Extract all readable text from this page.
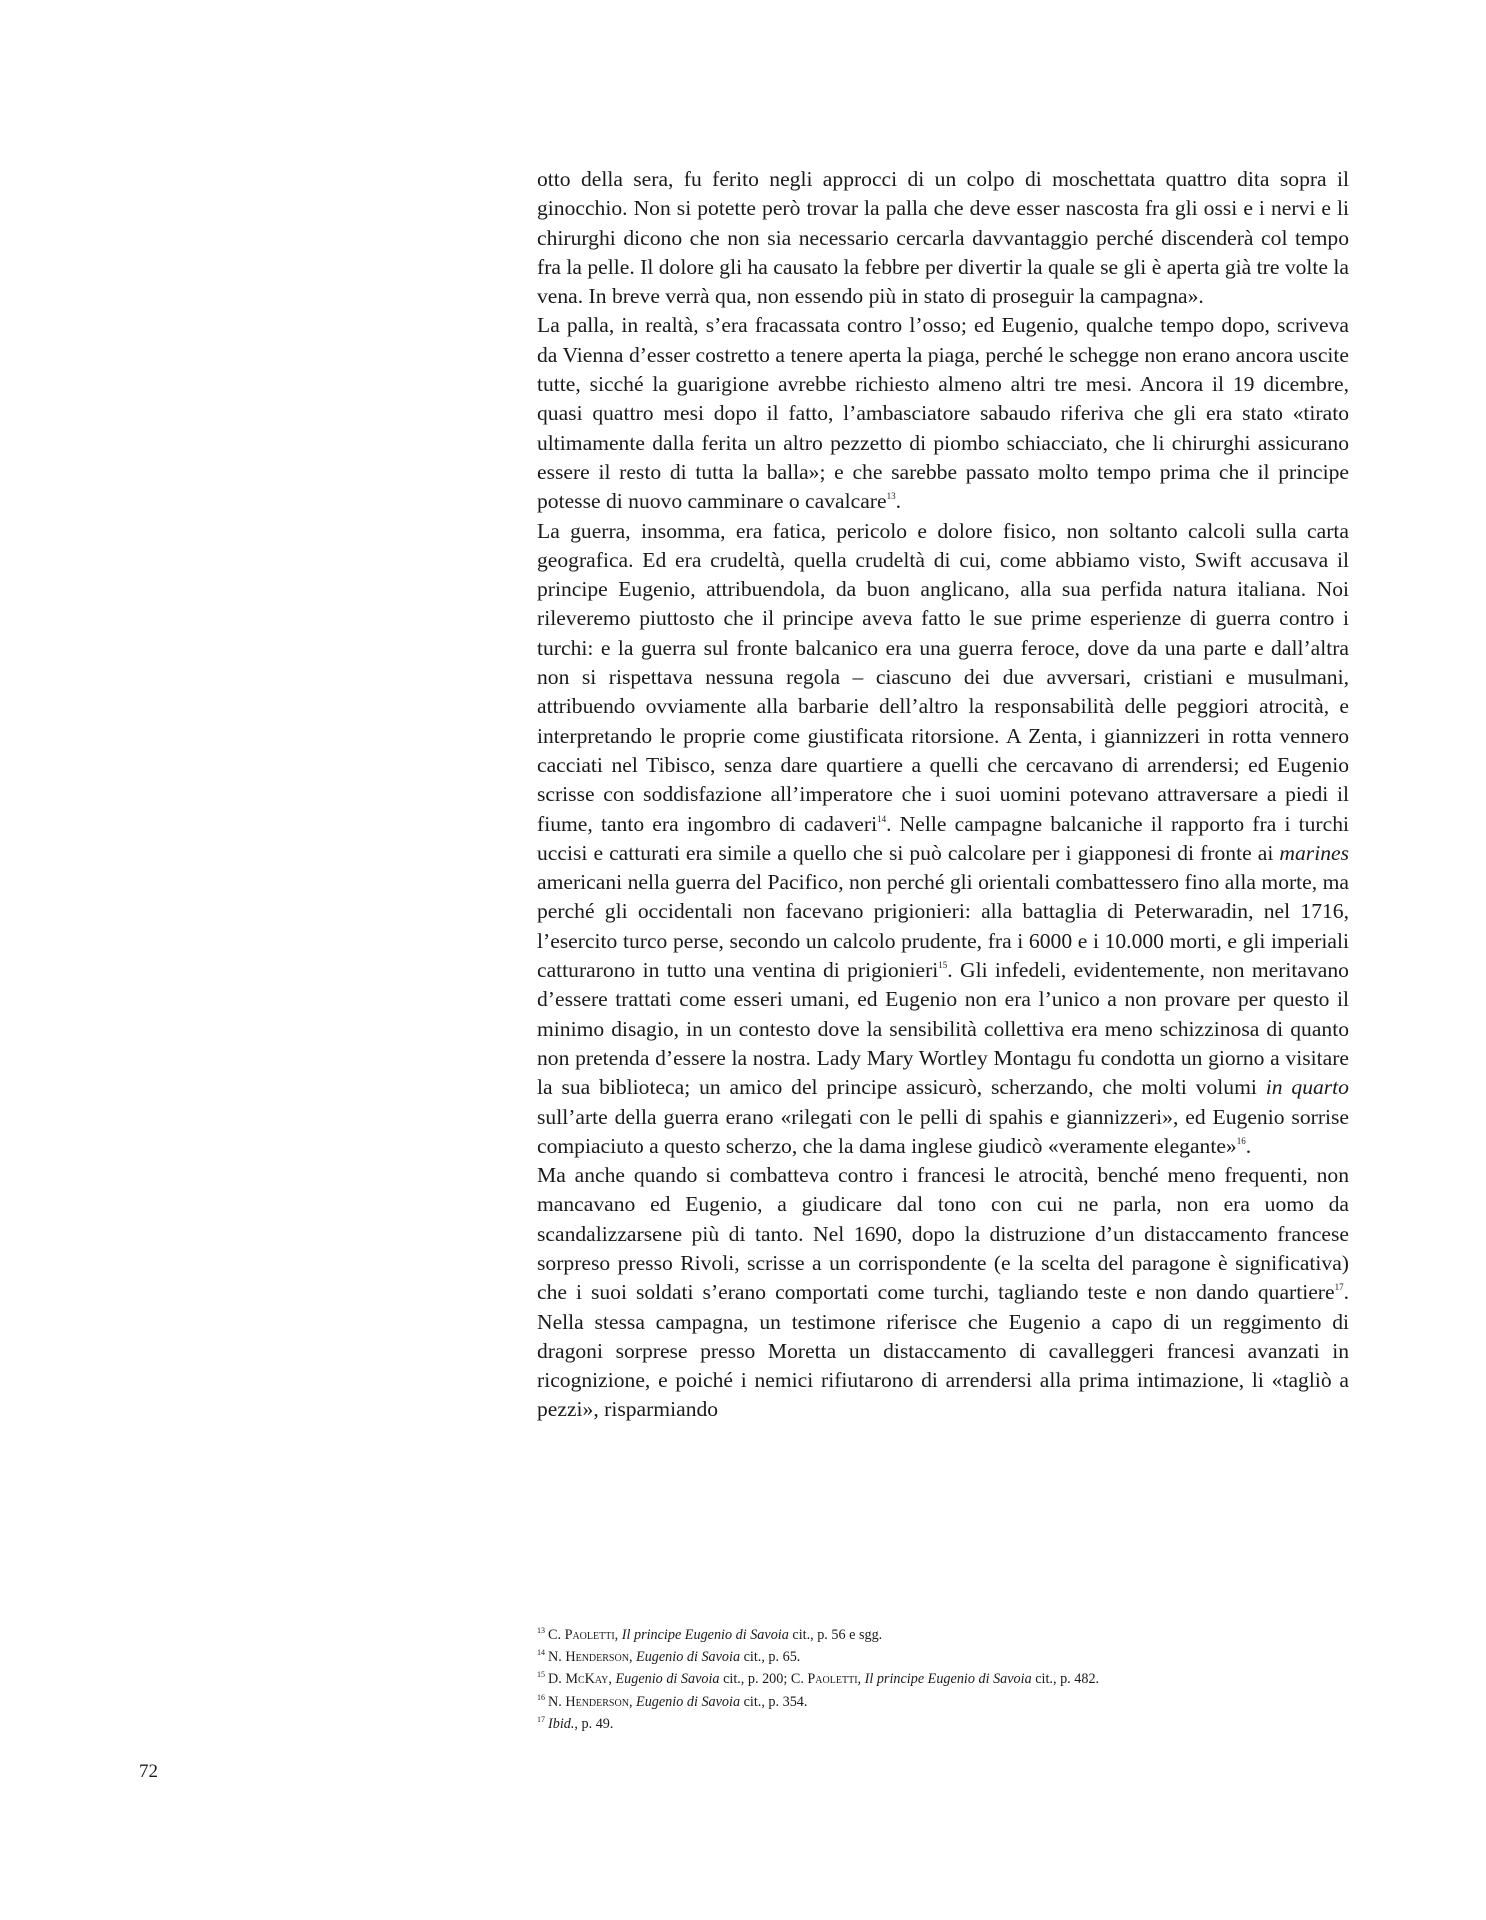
otto della sera, fu ferito negli approcci di un colpo di moschettata quattro dita sopra il ginocchio. Non si potette però trovar la palla che deve esser nascosta fra gli ossi e i nervi e li chirurghi dicono che non sia necessario cercarla davvantaggio perché discenderà col tempo fra la pelle. Il dolore gli ha causato la febbre per divertir la quale se gli è aperta già tre volte la vena. In breve verrà qua, non essendo più in stato di proseguir la campagna».

La palla, in realtà, s’era fracassata contro l’osso; ed Eugenio, qualche tempo dopo, scriveva da Vienna d’esser costretto a tenere aperta la piaga, perché le schegge non erano ancora uscite tutte, sicché la guarigione avrebbe richiesto almeno altri tre mesi. Ancora il 19 dicembre, quasi quattro mesi dopo il fatto, l’ambasciatore sabaudo riferiva che gli era stato «tirato ultimamente dalla ferita un altro pezzetto di piombo schiacciato, che li chirurghi assicurano essere il resto di tutta la balla»; e che sarebbe passato molto tempo prima che il principe potesse di nuovo camminare o cavalcare$^{13}$.

La guerra, insomma, era fatica, pericolo e dolore fisico, non soltanto calcoli sulla carta geografica. Ed era crudeltà, quella crudeltà di cui, come abbiamo visto, Swift accusava il principe Eugenio, attribuendola, da buon anglicano, alla sua perfida natura italiana. Noi rileveremo piuttosto che il principe aveva fatto le sue prime esperienze di guerra contro i turchi: e la guerra sul fronte balcanico era una guerra feroce, dove da una parte e dall’altra non si rispettava nessuna regola – ciascuno dei due avversari, cristiani e musulmani, attribuendo ovviamente alla barbarie dell’altro la responsabilità delle peggiori atrocità, e interpretando le proprie come giustificata ritorsione. A Zenta, i giannizzeri in rotta vennero cacciati nel Tibisco, senza dare quartiere a quelli che cercavano di arrendersi; ed Eugenio scrisse con soddisfazione all’imperatore che i suoi uomini potevano attraversare a piedi il fiume, tanto era ingombro di cadaveri$^{14}$. Nelle campagne balcaniche il rapporto fra i turchi uccisi e catturati era simile a quello che si può calcolare per i giapponesi di fronte ai marines americani nella guerra del Pacifico, non perché gli orientali combattessero fino alla morte, ma perché gli occidentali non facevano prigionieri: alla battaglia di Peterwaradin, nel 1716, l’esercito turco perse, secondo un calcolo prudente, fra i 6000 e i 10.000 morti, e gli imperiali catturarono in tutto una ventina di prigionieri$^{15}$. Gli infedeli, evidentemente, non meritavano d’essere trattati come esseri umani, ed Eugenio non era l’unico a non provare per questo il minimo disagio, in un contesto dove la sensibilità collettiva era meno schizzinosa di quanto non pretenda d’essere la nostra. Lady Mary Wortley Montagu fu condotta un giorno a visitare la sua biblioteca; un amico del principe assicurò, scherzando, che molti volumi in quarto sull’arte della guerra erano «rilegati con le pelli di spahis e giannizzeri», ed Eugenio sorrise compiaciuto a questo scherzo, che la dama inglese giudicò «veramente elegante»$^{16}$.

Ma anche quando si combatteva contro i francesi le atrocità, benché meno frequenti, non mancavano ed Eugenio, a giudicare dal tono con cui ne parla, non era uomo da scandalizzarsene più di tanto. Nel 1690, dopo la distruzione d’un distaccamento francese sorpreso presso Rivoli, scrisse a un corrispondente (e la scelta del paragone è significativa) che i suoi soldati s’erano comportati come turchi, tagliando teste e non dando quartiere$^{17}$. Nella stessa campagna, un testimone riferisce che Eugenio a capo di un reggimento di dragoni sorprese presso Moretta un distaccamento di cavalleggeri francesi avanzati in ricognizione, e poiché i nemici rifiutarono di arrendersi alla prima intimazione, li «tagliò a pezzi», risparmiando

$^{13}$ C. Paoletti, Il principe Eugenio di Savoia cit., p. 56 e sgg.
$^{14}$ N. Henderson, Eugenio di Savoia cit., p. 65.
$^{15}$ D. McKay, Eugenio di Savoia cit., p. 200; C. Paoletti, Il principe Eugenio di Savoia cit., p. 482.
$^{16}$ N. Henderson, Eugenio di Savoia cit., p. 354.
$^{17}$ Ibid., p. 49.
72
